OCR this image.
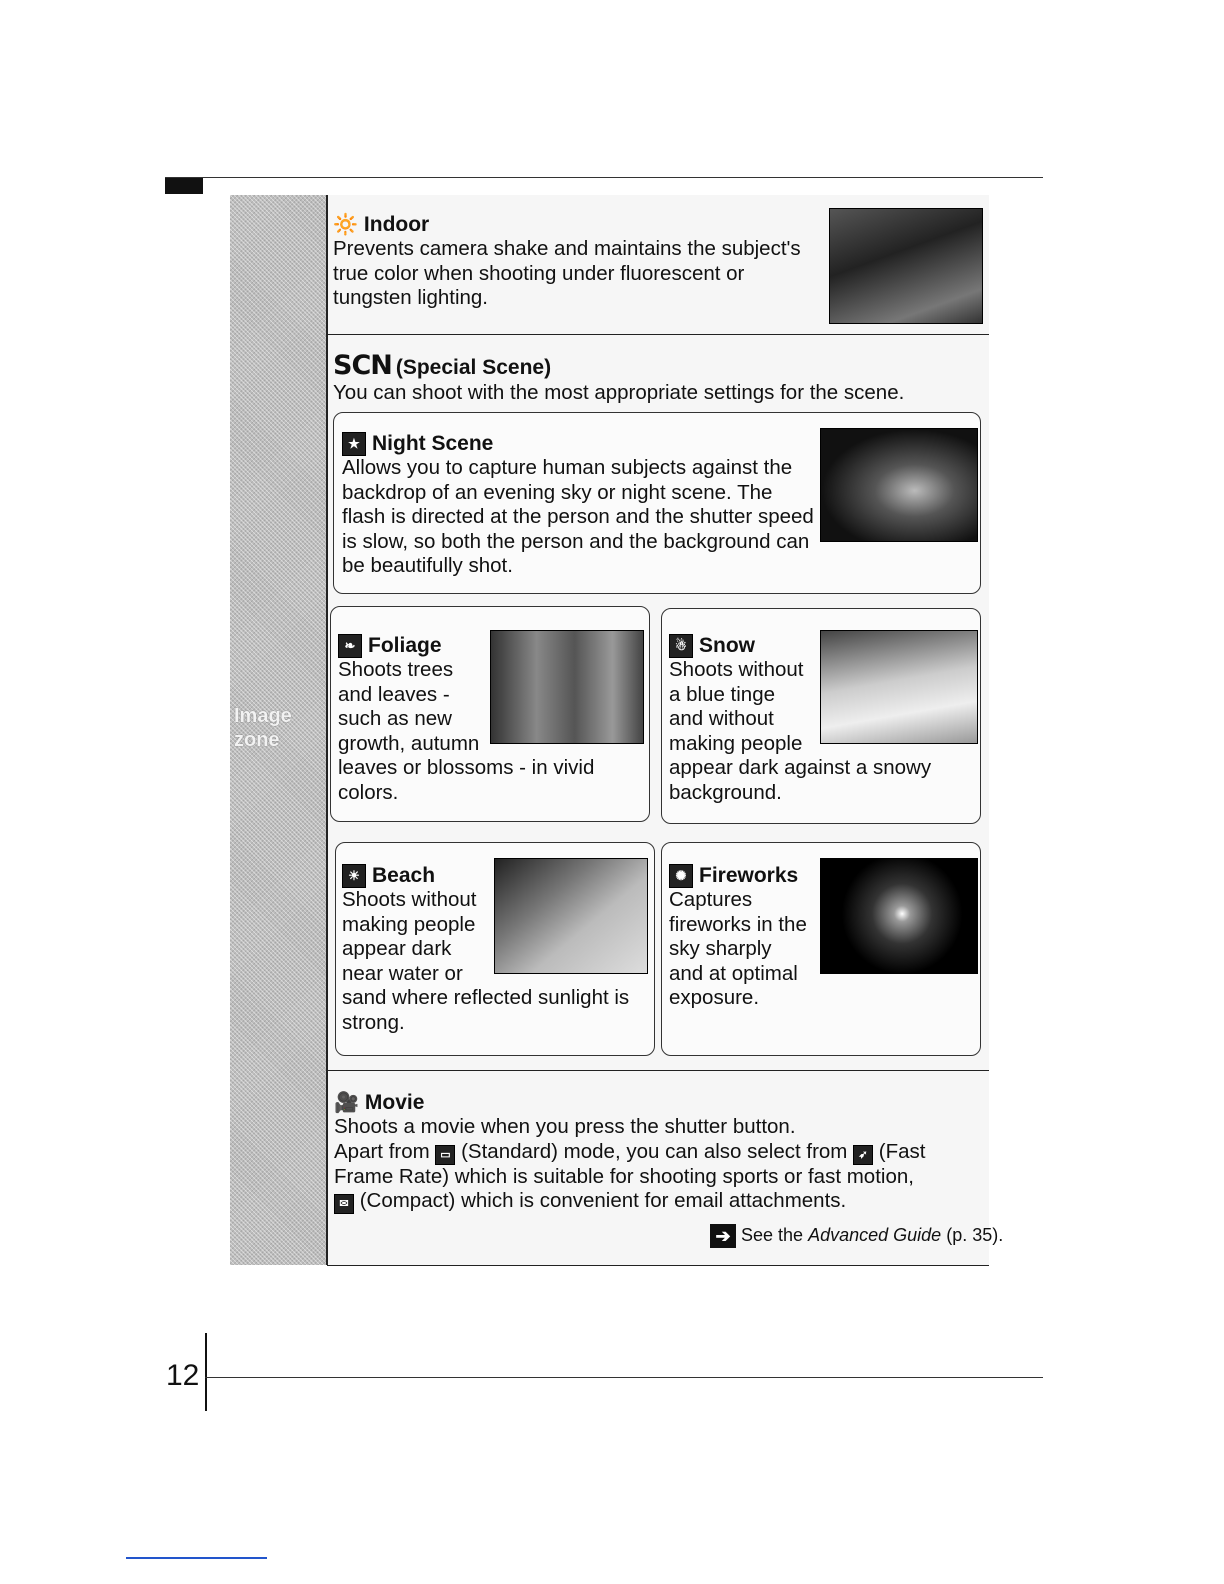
Image
zone
🔆 Indoor
Prevents camera shake and maintains the subject's true color when shooting under fluorescent or tungsten lighting.
SCN (Special Scene)
You can shoot with the most appropriate settings for the scene.
★ Night Scene
Allows you to capture human subjects against the backdrop of an evening sky or night scene. The flash is directed at the person and the shutter speed is slow, so both the person and the background can be beautifully shot.
❧ Foliage
Shoots trees and leaves - such as new growth, autumn leaves or blossoms - in vivid colors.
☃ Snow
Shoots without a blue tinge and without making people appear dark against a snowy background.
☀ Beach
Shoots without making people appear dark near water or sand where reflected sunlight is strong.
✺ Fireworks
Captures fireworks in the sky sharply and at optimal exposure.
🎥 Movie
Shoots a movie when you press the shutter button.
Apart from ▭ (Standard) mode, you can also select from ➶ (Fast Frame Rate) which is suitable for shooting sports or fast motion,
✉ (Compact) which is convenient for email attachments.
➔ See the Advanced Guide (p. 35).
12
